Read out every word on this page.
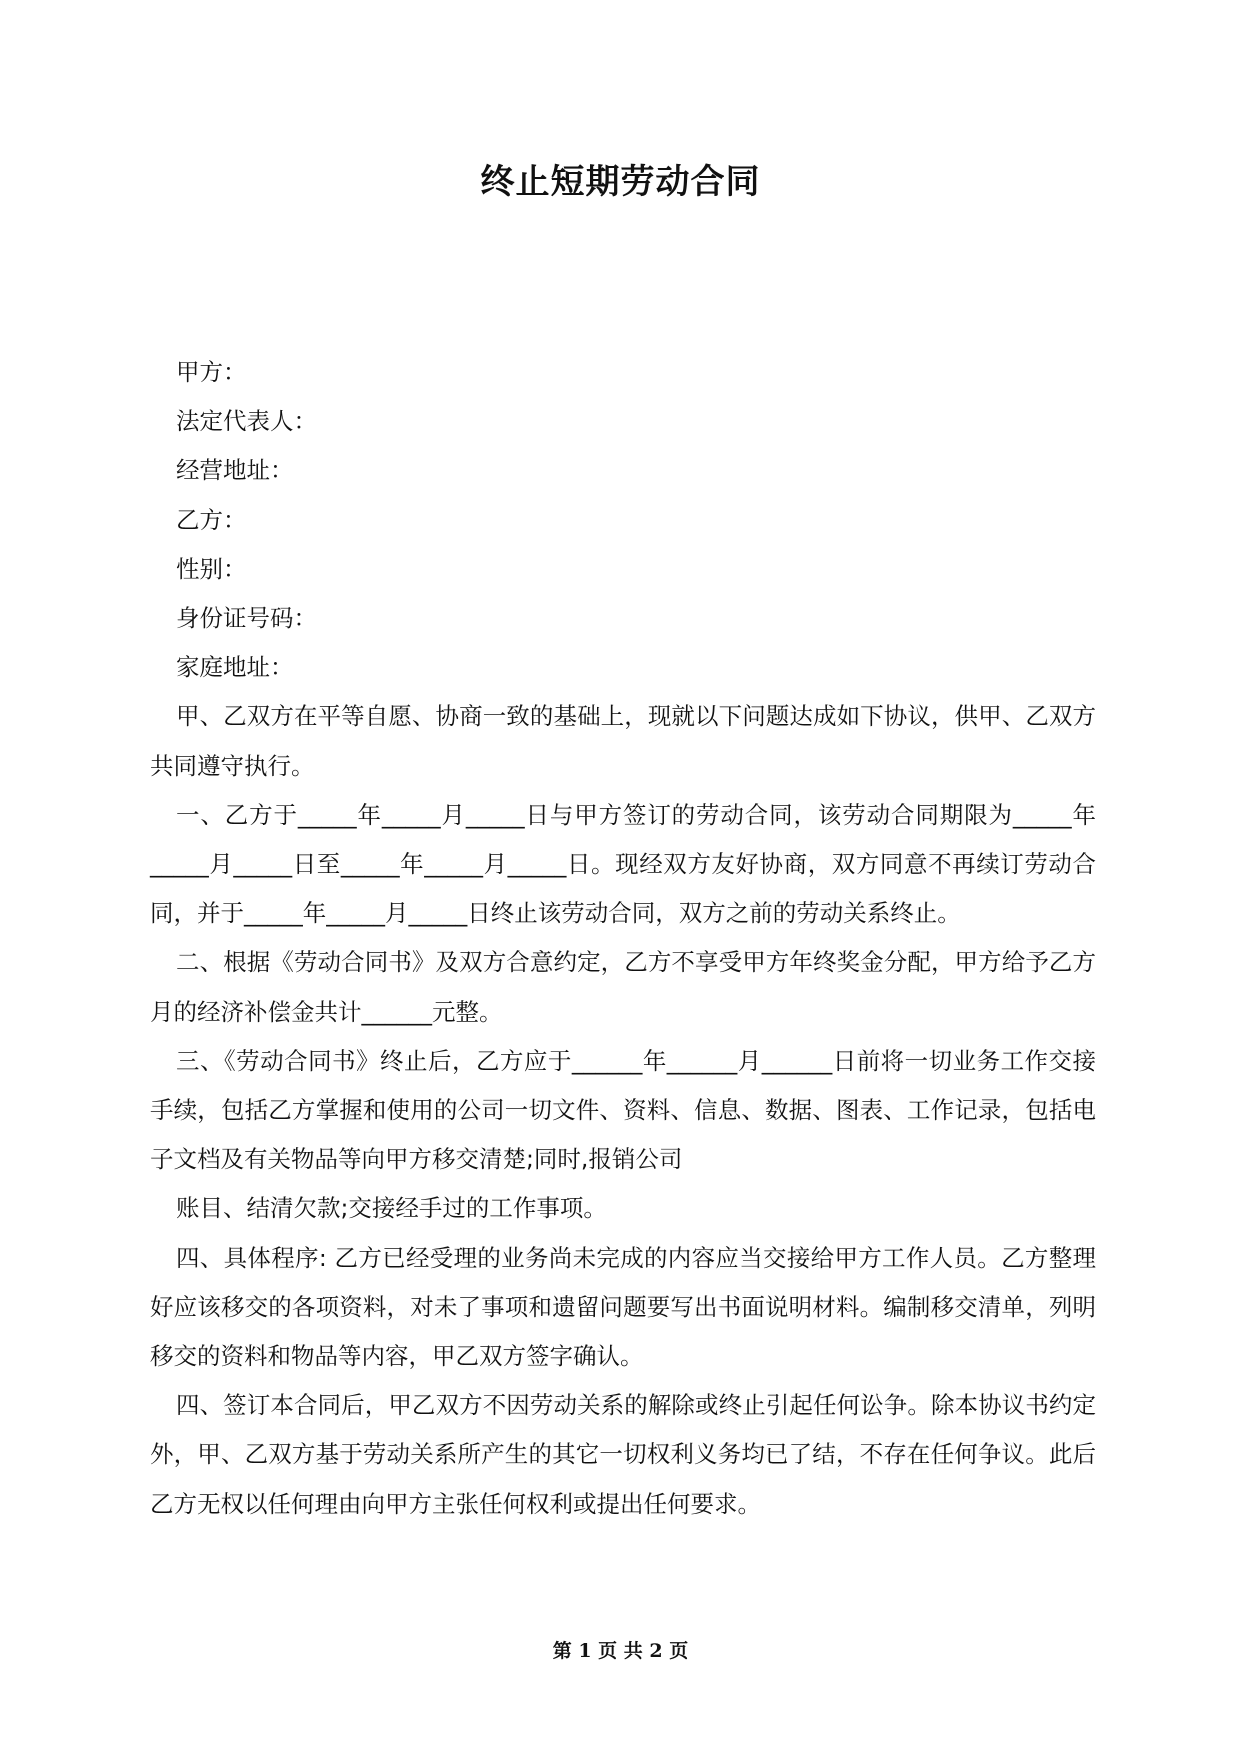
终止短期劳动合同

甲方：

法定代表人：

经营地址：

乙方：

性别：

身份证号码：

家庭地址：

甲、乙双方在平等自愿、协商一致的基础上，现就以下问题达成如下协议，供甲、乙双方共同遵守执行。

一、乙方于_____年_____月_____日与甲方签订的劳动合同，该劳动合同期限为_____年_____月_____日至_____年_____月_____日。现经双方友好协商，双方同意不再续订劳动合同，并于_____年_____月_____日终止该劳动合同，双方之前的劳动关系终止。

二、根据《劳动合同书》及双方合意约定，乙方不享受甲方年终奖金分配，甲方给予乙方月的经济补偿金共计______元整。

三、《劳动合同书》终止后，乙方应于______年______月______日前将一切业务工作交接手续，包括乙方掌握和使用的公司一切文件、资料、信息、数据、图表、工作记录，包括电子文档及有关物品等向甲方移交清楚;同时,报销公司

账目、结清欠款;交接经手过的工作事项。

四、具体程序: 乙方已经受理的业务尚未完成的内容应当交接给甲方工作人员。乙方整理好应该移交的各项资料，对未了事项和遗留问题要写出书面说明材料。编制移交清单，列明移交的资料和物品等内容，甲乙双方签字确认。

四、签订本合同后，甲乙双方不因劳动关系的解除或终止引起任何讼争。除本协议书约定外，甲、乙双方基于劳动关系所产生的其它一切权利义务均已了结，不存在任何争议。此后乙方无权以任何理由向甲方主张任何权利或提出任何要求。

第 1 页 共 2 页
